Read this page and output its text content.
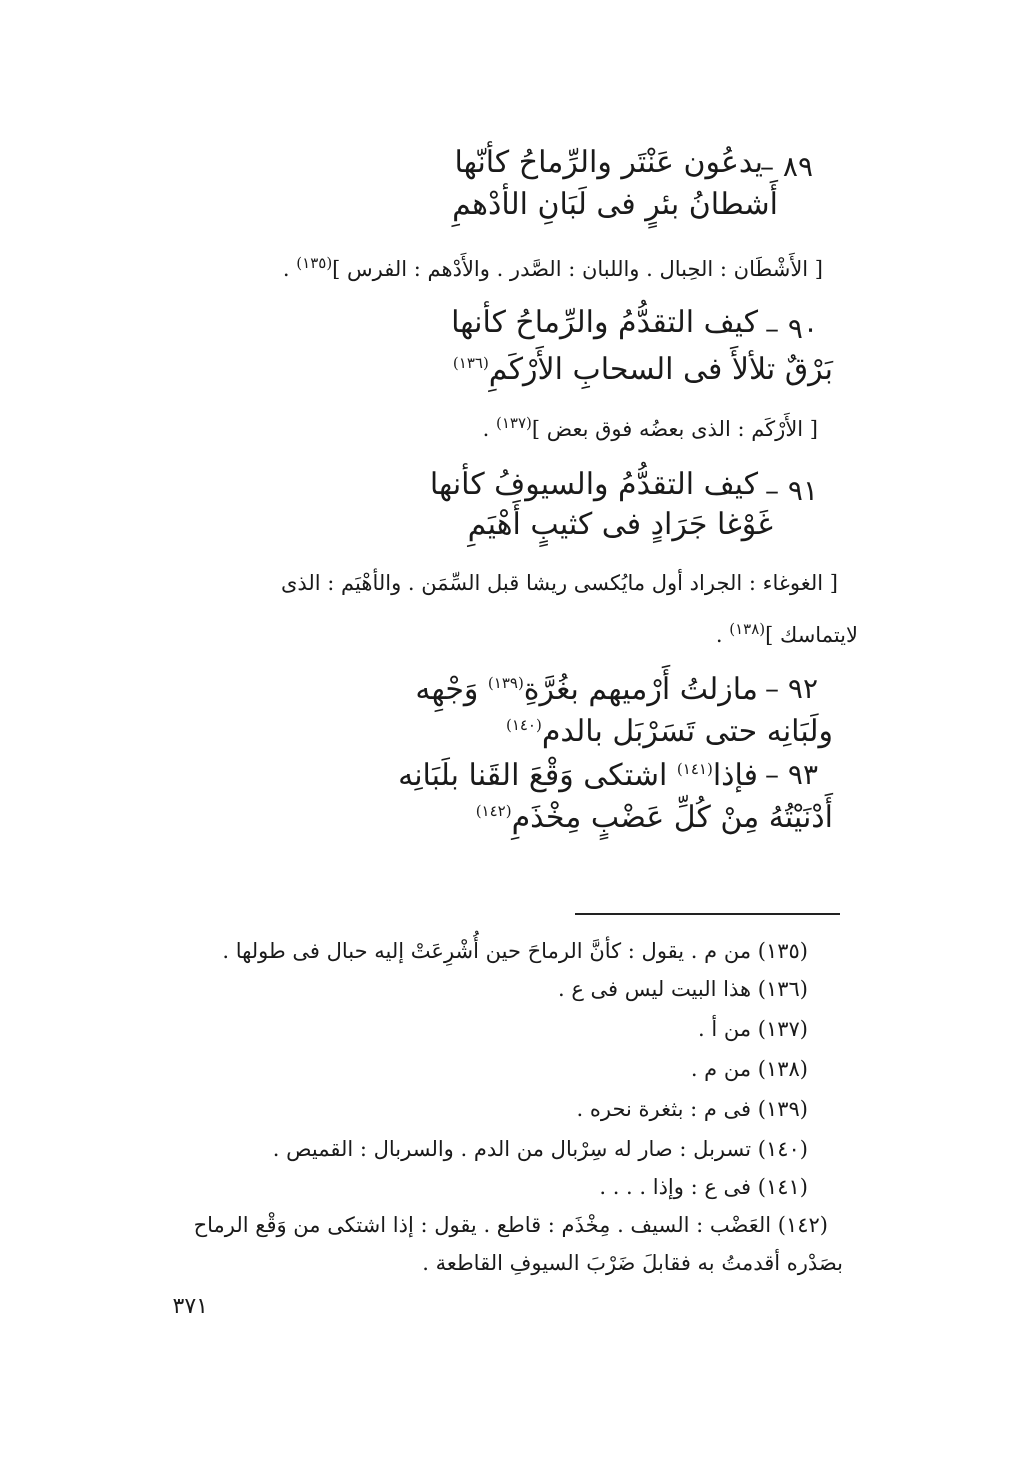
٨٩ –
يدعُون عَنْتَر والرِّماحُ كأنّها
أَشطانُ بئرٍ فى لَبَانِ الأدْهمِ
[ الأَشْطَان : الحِبال . واللبان : الصَّدر . والأَدْهم : الفرس ]$^{(١٣٥)}$ .
٩٠ –
كيف التقدُّمُ والرِّماحُ كأنها
بَرْقٌ تلألأَ فى السحابِ الأَرْكَمِ$^{(١٣٦)}$
[ الأَرْكَم : الذى بعضُه فوق بعض ]$^{(١٣٧)}$ .
٩١ –
كيف التقدُّمُ والسيوفُ كأنها
غَوْغا جَرَادٍ فى كثيبٍ أَهْيَمِ
[ الغوغاء : الجراد أول مايُكسى ريشا قبل السِّمَن . والأهْيَم : الذى
لايتماسك ]$^{(١٣٨)}$ .
٩٢ –
مازلتُ أَرْميهم بغُرَّةِ$^{(١٣٩)}$ وَجْهِه
ولَبَانِه حتى تَسَرْبَل بالدم$^{(١٤٠)}$
٩٣ –
فإذا$^{(١٤١)}$ اشتكى وَقْعَ القَنا بلَبَانِه
أَدْنَيْتُهُ مِنْ كُلِّ عَضْبٍ مِخْذَمِ$^{(١٤٢)}$
(١٣٥) من م . يقول : كأنَّ الرماحَ حين أُشْرِعَتْ إليه حبال فى طولها .
(١٣٦) هذا البيت ليس فى ع .
(١٣٧) من أ .
(١٣٨) من م .
(١٣٩) فى م : بثغرة نحره .
(١٤٠) تسربل : صار له سِرْبال من الدم . والسربال : القميص .
(١٤١) فى ع : وإذا . . . .
(١٤٢) العَضْب : السيف . مِخْذَم : قاطع . يقول : إذا اشتكى من وَقْع الرماح
بصَدْره أقدمتُ به فقابلَ ضَرْبَ السيوفِ القاطعة .
٣٧١
